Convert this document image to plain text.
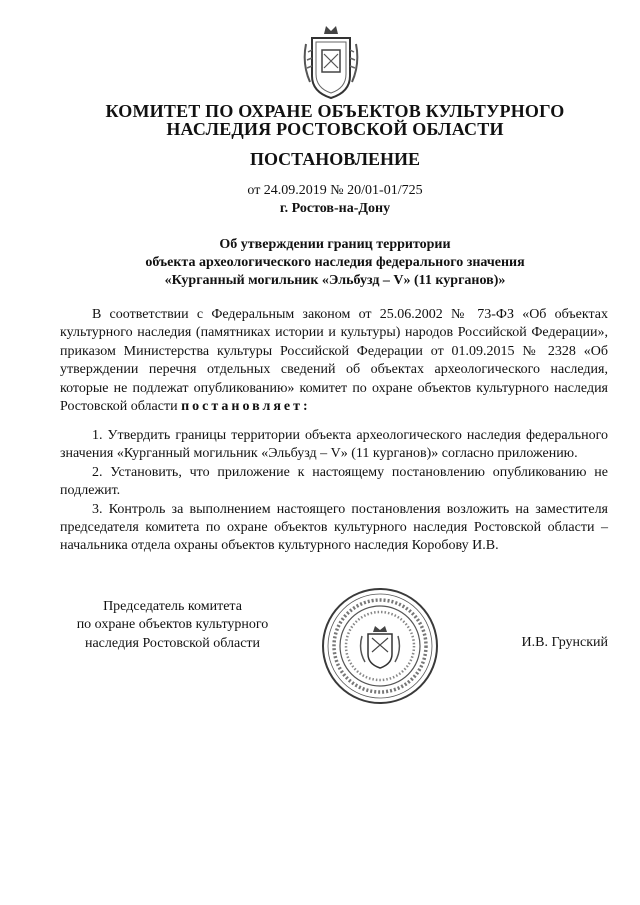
КОМИТЕТ ПО ОХРАНЕ ОБЪЕКТОВ КУЛЬТУРНОГО
НАСЛЕДИЯ РОСТОВСКОЙ ОБЛАСТИ
ПОСТАНОВЛЕНИЕ
от 24.09.2019 № 20/01-01/725
г. Ростов-на-Дону
Об утверждении границ территории
объекта археологического наследия федерального значения
«Курганный могильник «Эльбузд – V» (11 курганов)»

В соответствии с Федеральным законом от 25.06.2002 № 73-ФЗ «Об объектах культурного наследия (памятниках истории и культуры) народов Российской Федерации», приказом Министерства культуры Российской Федерации от 01.09.2015 № 2328 «Об утверждении перечня отдельных сведений об объектах археологического наследия, которые не подлежат опубликованию» комитет по охране объектов культурного наследия Ростовской области постановляет:

1. Утвердить границы территории объекта археологического наследия федерального значения «Курганный могильник «Эльбузд – V» (11 курганов)» согласно приложению.

2. Установить, что приложение к настоящему постановлению опубликованию не подлежит.

3. Контроль за выполнением настоящего постановления возложить на заместителя председателя комитета по охране объектов культурного наследия Ростовской области – начальника отдела охраны объектов культурного наследия Коробову И.В.

Председатель комитета
по охране объектов культурного
наследия Ростовской области	И.В. Грунский
